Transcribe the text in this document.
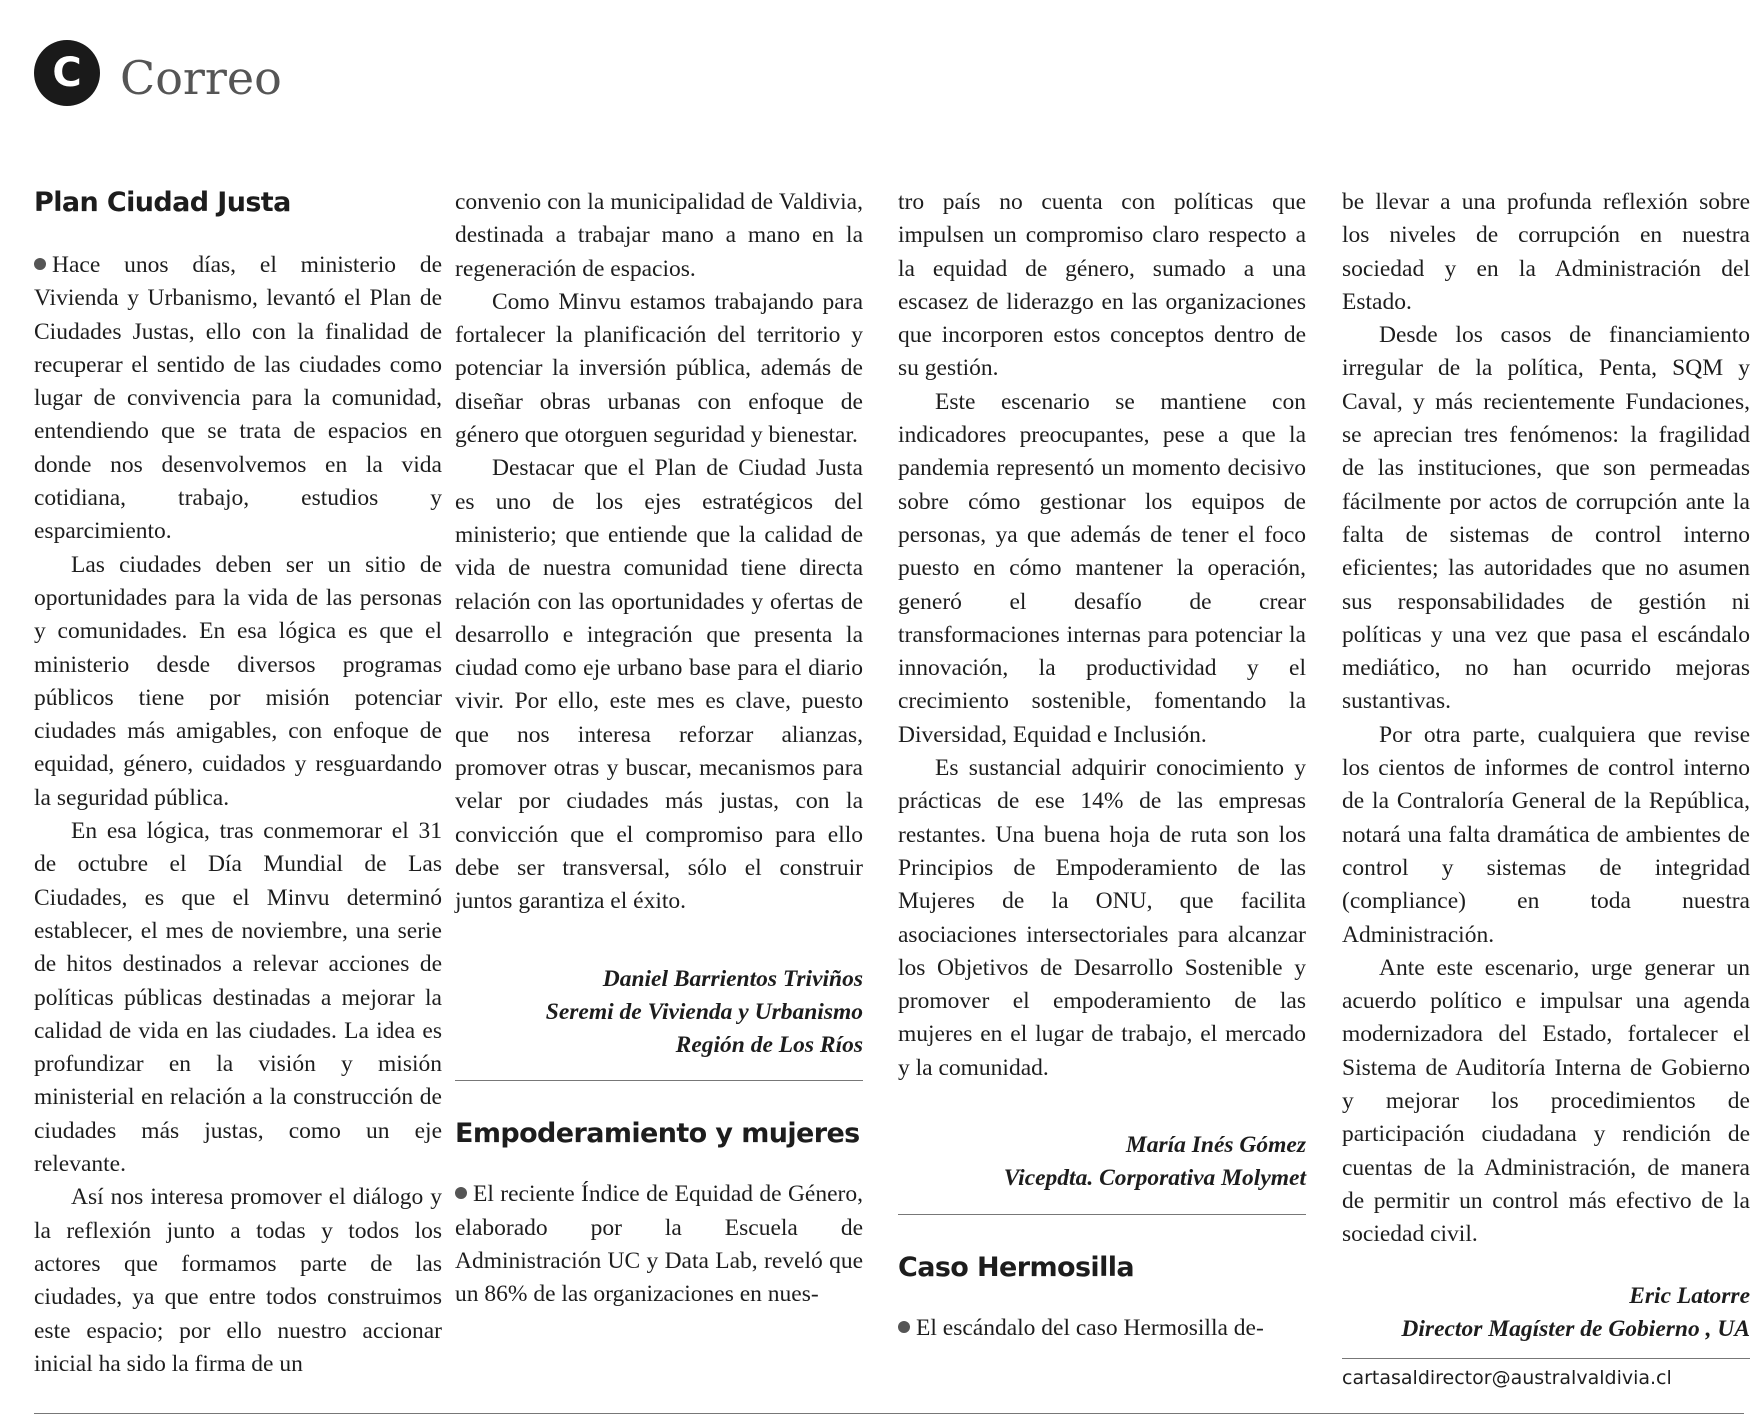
C Correo
Plan Ciudad Justa

Hace unos días, el ministerio de Vivienda y Urbanismo, levantó el Plan de Ciudades Justas, ello con la finalidad de recuperar el sentido de las ciudades como lugar de convivencia para la comunidad, entendiendo que se trata de espacios en donde nos desenvolvemos en la vida cotidiana, trabajo, estudios y esparcimiento.

Las ciudades deben ser un sitio de oportunidades para la vida de las personas y comunidades. En esa lógica es que el ministerio desde diversos programas públicos tiene por misión potenciar ciudades más amigables, con enfoque de equidad, género, cuidados y resguardando la seguridad pública.

En esa lógica, tras conmemorar el 31 de octubre el Día Mundial de Las Ciudades, es que el Minvu determinó establecer, el mes de noviembre, una serie de hitos destinados a relevar acciones de políticas públicas destinadas a mejorar la calidad de vida en las ciudades. La idea es profundizar en la visión y misión ministerial en relación a la construcción de ciudades más justas, como un eje relevante.

Así nos interesa promover el diálogo y la reflexión junto a todas y todos los actores que formamos parte de las ciudades, ya que entre todos construimos este espacio; por ello nuestro accionar inicial ha sido la firma de un

convenio con la municipalidad de Valdivia, destinada a trabajar mano a mano en la regeneración de espacios.

Como Minvu estamos trabajando para fortalecer la planificación del territorio y potenciar la inversión pública, además de diseñar obras urbanas con enfoque de género que otorguen seguridad y bienestar.

Destacar que el Plan de Ciudad Justa es uno de los ejes estratégicos del ministerio; que entiende que la calidad de vida de nuestra comunidad tiene directa relación con las oportunidades y ofertas de desarrollo e integración que presenta la ciudad como eje urbano base para el diario vivir. Por ello, este mes es clave, puesto que nos interesa reforzar alianzas, promover otras y buscar, mecanismos para velar por ciudades más justas, con la convicción que el compromiso para ello debe ser transversal, sólo el construir juntos garantiza el éxito.

Daniel Barrientos Triviños

Seremi de Vivienda y Urbanismo

Región de Los Ríos

Empoderamiento y mujeres

El reciente Índice de Equidad de Género, elaborado por la Escuela de Administración UC y Data Lab, reveló que un 86% de las organizaciones en nues-

tro país no cuenta con políticas que impulsen un compromiso claro respecto a la equidad de género, sumado a una escasez de liderazgo en las organizaciones que incorporen estos conceptos dentro de su gestión.

Este escenario se mantiene con indicadores preocupantes, pese a que la pandemia representó un momento decisivo sobre cómo gestionar los equipos de personas, ya que además de tener el foco puesto en cómo mantener la operación, generó el desafío de crear transformaciones internas para potenciar la innovación, la productividad y el crecimiento sostenible, fomentando la Diversidad, Equidad e Inclusión.

Es sustancial adquirir conocimiento y prácticas de ese 14% de las empresas restantes. Una buena hoja de ruta son los Principios de Empoderamiento de las Mujeres de la ONU, que facilita asociaciones intersectoriales para alcanzar los Objetivos de Desarrollo Sostenible y promover el empoderamiento de las mujeres en el lugar de trabajo, el mercado y la comunidad.

María Inés Gómez

Vicepdta. Corporativa Molymet

Caso Hermosilla

El escándalo del caso Hermosilla de-

be llevar a una profunda reflexión sobre los niveles de corrupción en nuestra sociedad y en la Administración del Estado.

Desde los casos de financiamiento irregular de la política, Penta, SQM y Caval, y más recientemente Fundaciones, se aprecian tres fenómenos: la fragilidad de las instituciones, que son permeadas fácilmente por actos de corrupción ante la falta de sistemas de control interno eficientes; las autoridades que no asumen sus responsabilidades de gestión ni políticas y una vez que pasa el escándalo mediático, no han ocurrido mejoras sustantivas.

Por otra parte, cualquiera que revise los cientos de informes de control interno de la Contraloría General de la República, notará una falta dramática de ambientes de control y sistemas de integridad (compliance) en toda nuestra Administración.

Ante este escenario, urge generar un acuerdo político e impulsar una agenda modernizadora del Estado, fortalecer el Sistema de Auditoría Interna de Gobierno y mejorar los procedimientos de participación ciudadana y rendición de cuentas de la Administración, de manera de permitir un control más efectivo de la sociedad civil.

Eric Latorre

Director Magíster de Gobierno , UA

cartasaldirector@australvaldivia.cl
